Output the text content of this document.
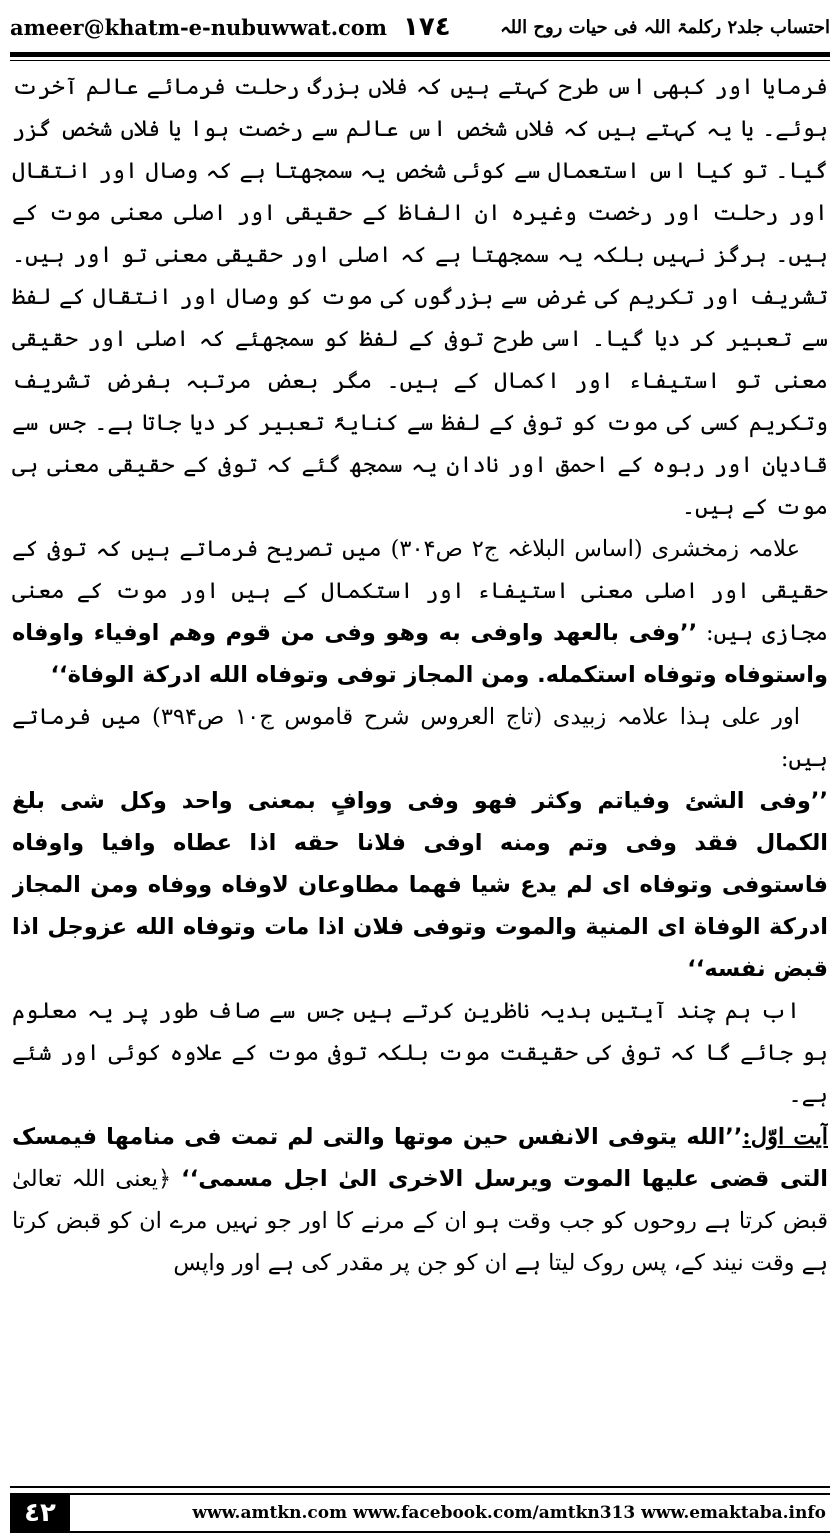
ameer@khatm-e-nubuwwat.com ١٧٤	احتساب جلد۲ رکلمۃ اللہ فی حیات روح اللہ

فرمایا اور کبھی اس طرح کہتے ہیں کہ فلاں بزرگ رحلت فرمائے عالم آخرت ہوئے۔ یا یہ کہتے ہیں کہ فلاں شخص اس عالم سے رخصت ہوا یا فلاں شخص گزر گیا۔ تو کیا اس استعمال سے کوئی شخص یہ سمجھتا ہے کہ وصال اور انتقال اور رحلت اور رخصت وغیرہ ان الفاظ کے حقیقی اور اصلی معنی موت کے ہیں۔ ہرگز نہیں بلکہ یہ سمجھتا ہے کہ اصلی اور حقیقی معنی تو اور ہیں۔ تشریف اور تکریم کی غرض سے بزرگوں کی موت کو وصال اور انتقال کے لفظ سے تعبیر کر دیا گیا۔ اسی طرح توفی کے لفظ کو سمجھئے کہ اصلی اور حقیقی معنی تو استیفاء اور اکمال کے ہیں۔ مگر بعض مرتبہ بفرض تشریف وتکریم کسی کی موت کو توفی کے لفظ سے کنایۃً تعبیر کر دیا جاتا ہے۔ جس سے قادیان اور ربوہ کے احمق اور نادان یہ سمجھ گئے کہ توفی کے حقیقی معنی ہی موت کے ہیں۔

علامہ زمخشری (اساس البلاغہ ج۲ ص۳۰۴) میں تصریح فرماتے ہیں کہ توفی کے حقیقی اور اصلی معنی استیفاء اور استکمال کے ہیں اور موت کے معنی مجازی ہیں: ’’وفی بالعهد واوفی به وهو وفی من قوم وهم اوفیاء واوفاه واستوفاه وتوفاه استکمله. ومن المجاز توفی وتوفاه الله ادرکة الوفاة‘‘

اور علی ہذا علامہ زبیدی (تاج العروس شرح قاموس ج۱۰ ص۳۹۴) میں فرماتے ہیں:

’’وفی الشئ وفیاتم وکثر فهو وفی ووافٍ بمعنی واحد وکل شی بلغ الکمال فقد وفی وتم ومنه اوفی فلانا حقه اذا عطاه وافیا واوفاه فاستوفی وتوفاه ای لم یدع شیا فهما مطاوعان لاوفاه ووفاه ومن المجاز ادرکة الوفاة ای المنیة والموت وتوفی فلان اذا مات وتوفاه الله عزوجل اذا قبض نفسه‘‘

اب ہم چند آیتیں ہدیہ ناظرین کرتے ہیں جس سے صاف طور پر یہ معلوم ہو جائے گا کہ توفی کی حقیقت موت بلکہ توفی موت کے علاوہ کوئی اور شئے ہے۔

آیت اوّل:’’الله یتوفی الانفس حین موتها والتی لم تمت فی منامها فیمسک التی قضی علیها الموت ویرسل الاخری الیٰ اجل مسمی‘‘ ﴿یعنی اللہ تعالیٰ قبض کرتا ہے روحوں کو جب وقت ہو ان کے مرنے کا اور جو نہیں مرے ان کو قبض کرتا ہے وقت نیند کے، پس روک لیتا ہے ان کو جن پر مقدر کی ہے اور واپس

٤٢	www.amtkn.com www.facebook.com/amtkn313 www.emaktaba.info
